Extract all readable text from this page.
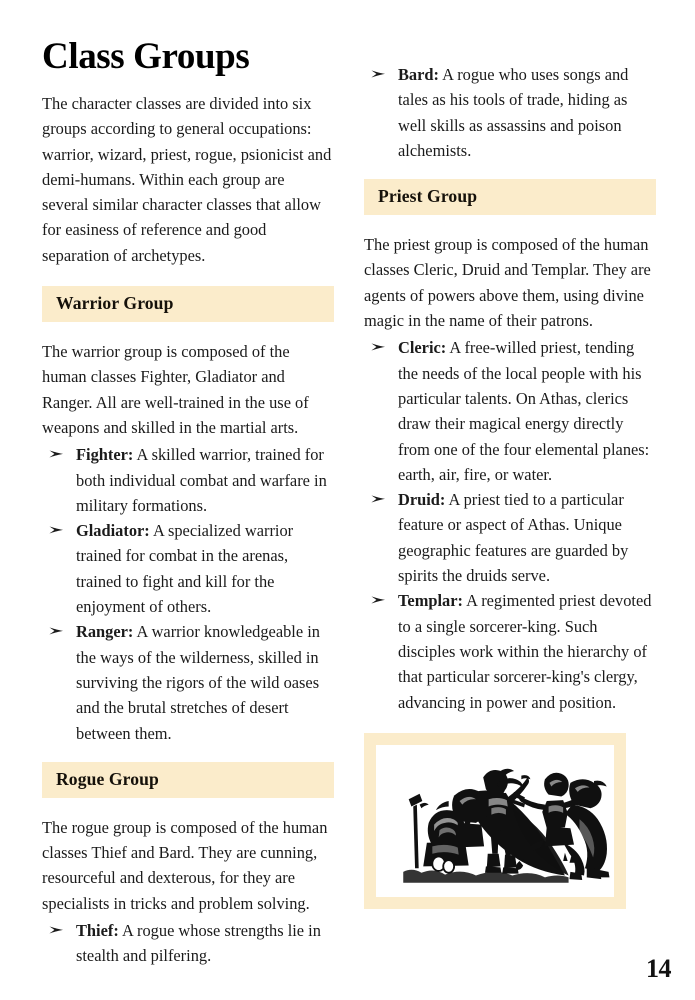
Class Groups

The character classes are divided into six groups according to general occupations: warrior, wizard, priest, rogue, psionicist and demi-humans. Within each group are several similar character classes that allow for easiness of reference and good separation of archetypes.

Warrior Group

The warrior group is composed of the human classes Fighter, Gladiator and Ranger. All are well-trained in the use of weapons and skilled in the martial arts.

Fighter: A skilled warrior, trained for both individual combat and warfare in military formations.
Gladiator: A specialized warrior trained for combat in the arenas, trained to fight and kill for the enjoyment of others.
Ranger: A warrior knowledgeable in the ways of the wilderness, skilled in surviving the rigors of the wild oases and the brutal stretches of desert between them.
Rogue Group

The rogue group is composed of the human classes Thief and Bard. They are cunning, resourceful and dexterous, for they are specialists in tricks and problem solving.

Thief: A rogue whose strengths lie in stealth and pilfering.
Bard: A rogue who uses songs and tales as his tools of trade, hiding as well skills as assassins and poison alchemists.
Priest Group

The priest group is composed of the human classes Cleric, Druid and Templar. They are agents of powers above them, using divine magic in the name of their patrons.

Cleric: A free-willed priest, tending the needs of the local people with his particular talents. On Athas, clerics draw their magical energy directly from one of the four elemental planes: earth, air, fire, or water.
Druid: A priest tied to a particular feature or aspect of Athas. Unique geographic features are guarded by spirits the druids serve.
Templar: A regimented priest devoted to a single sorcerer-king. Such disciples work within the hierarchy of that particular sorcerer-king's clergy, advancing in power and position.
14
